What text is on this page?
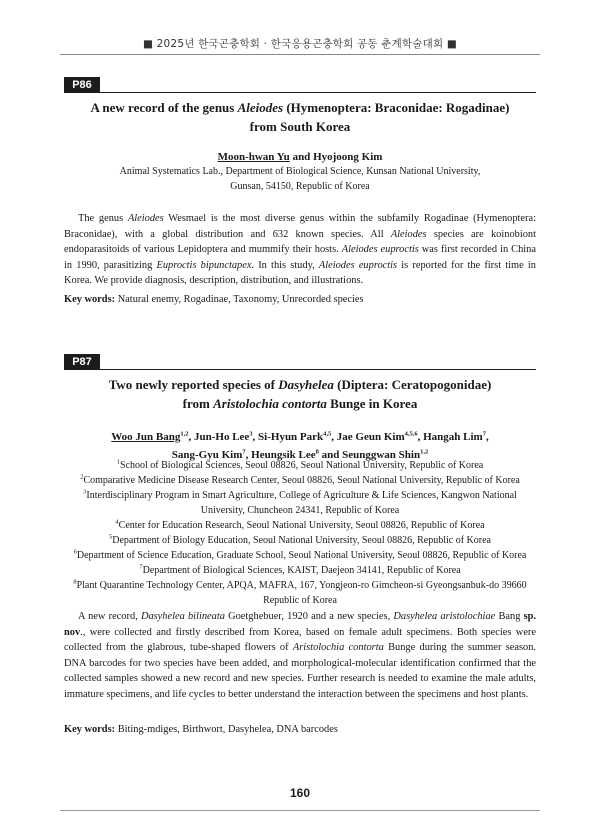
■ 2025년 한국곤충학회 · 한국응용곤충학회 공동 춘계학술대회 ■
P86
A new record of the genus Aleiodes (Hymenoptera: Braconidae: Rogadinae)
from South Korea
Moon-hwan Yu and Hyojoong Kim
Animal Systematics Lab., Department of Biological Science, Kunsan National University,
Gunsan, 54150, Republic of Korea
The genus Aleiodes Wesmael is the most diverse genus within the subfamily Rogadinae (Hymenoptera: Braconidae), with a global distribution and 632 known species. All Aleiodes species are koinobiont endoparasitoids of various Lepidoptera and mummify their hosts. Aleiodes euproctis was first recorded in China in 1990, parasitizing Euproctis bipunctapex. In this study, Aleiodes euproctis is reported for the first time in Korea. We provide diagnosis, description, distribution, and illustrations.
Key words: Natural enemy, Rogadinae, Taxonomy, Unrecorded species
P87
Two newly reported species of Dasyhelea (Diptera: Ceratopogonidae)
from Aristolochia contorta Bunge in Korea
Woo Jun Bang$^{1,2}$, Jun-Ho Lee$^3$, Si-Hyun Park$^{4,5}$, Jae Geun Kim$^{4,5,6}$, Hangah Lim$^7$,
Sang-Gyu Kim$^7$, Heungsik Lee$^8$ and Seunggwan Shin$^{1,2}$
$^1$School of Biological Sciences, Seoul 08826, Seoul National University, Republic of Korea
$^2$Comparative Medicine Disease Research Center, Seoul 08826, Seoul National University, Republic of Korea
$^3$Interdisciplinary Program in Smart Agriculture, College of Agriculture & Life Sciences, Kangwon National
University, Chuncheon 24341, Republic of Korea
$^4$Center for Education Research, Seoul National University, Seoul 08826, Republic of Korea
$^5$Department of Biology Education, Seoul National University, Seoul 08826, Republic of Korea
$^6$Department of Science Education, Graduate School, Seoul National University, Seoul 08826, Republic of Korea
$^7$Department of Biological Sciences, KAIST, Daejeon 34141, Republic of Korea
$^8$Plant Quarantine Technology Center, APQA, MAFRA, 167, Yongjeon-ro Gimcheon-si Gyeongsanbuk-do 39660
Republic of Korea
A new record, Dasyhelea bilineata Goetghebuer, 1920 and a new species, Dasyhelea aristolochiae Bang sp. nov., were collected and firstly described from Korea, based on female adult specimens. Both species were collected from the glabrous, tube-shaped flowers of Aristolochia contorta Bunge during the summer season. DNA barcodes for two species have been added, and morphological-molecular identification confirmed that the collected samples showed a new record and new species. Further research is needed to examine the male adults, immature specimens, and life cycles to better understand the interaction between the specimens and host plants.
Key words: Biting-mdiges, Birthwort, Dasyhelea, DNA barcodes
160
